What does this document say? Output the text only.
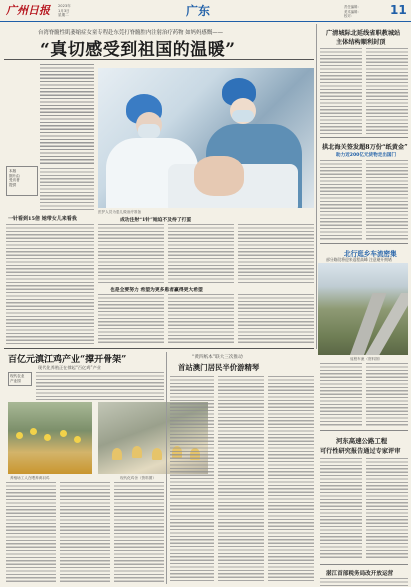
广州日报 2023年
1月3日
星期二	广东	责任编辑：
美术编辑：
校对：	11
台湾脊髓性肌萎缩症女童专程赴东莞打脊髓腔内注射治疗药物 如妈妈感慨——
“真切感受到祖国的温暖”
本版
图片由
受访者
提供
一针看到15倍 她带女儿来看我
医护人员为患儿做治疗准备
成功注射“1针”她迫不及待了打蛋
也是全要努力 希望为更多患者赢得更大希望
广清城际北延线省职教城站
主体结构顺利封顶
拱北海关签发超8万份“纸黄金”
助力近200亿元货物走出国门
北行逛乡车流密集
部分路段将迎来返程高峰 注意避开拥堵
返程车流（资料图）
百亿元滇江鸡产业“撑开骨架”
现代化养殖正在撑起“百亿鸡”产业
现代农业
产业园
养殖场工人在喂养黄羽鸡	现代化鸡舍（资料图）
“黄四纸本”联大三次推动
首站澳门居民半价游精琴
河东高速公路工程
可行性研究报告通过专家评审
湛江首部税务局改开放运营
